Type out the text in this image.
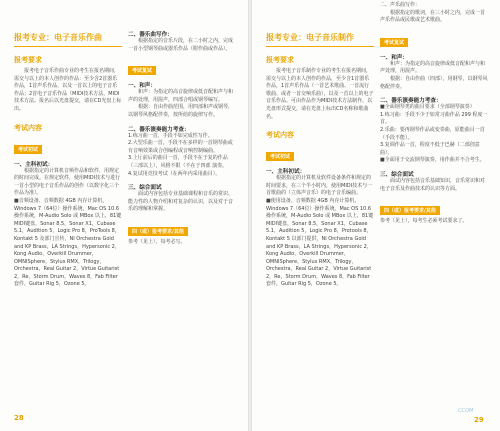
报考专业：电子音乐作曲

报考要求

报考电子音乐作曲专业的考生在报名期间，需交与以上的本人创作的作品：至少含2首器乐作品，1首声乐作品，以及一首以上的电子音乐作品；2首电子音乐作品（MIDI技术方法，MIDI技术方法。报名后以光盘提交，请在CD光盘上标出。

考试内容

考试初试

一、主科初试：

根据指定的计算机音频作品和软件，用规定的时间完成。在规定软件，使用MIDI技术与进行一首小型的电子音乐作品的创作（以数字化三个作品为准）。

■音频设备、音频数据 4GB 内存计算机，Windows 7（64位）操作系统，Mac OS 10.6 操作系统，M-Audio Solo 或 MBox 以上，81键 MIDI键盘，Sonar 8.5，Sonar X1，Cubase 5.1，Audition 5，Logic Pro 8，ProTools 8，Kontakt 5 及部门宣传，NI Orchestra Gold and KP Brass，LA Strings，Hypersonic 2，Kong Audio，Overkill Drummer，OMNISphere，Stylus RMX，Trilogy，Orchestra，Real Guitar 2，Virtue Guitarist 2，Re，Storm Drum，Waves 8，Fab Filter 套件，Guitar Rig 5，Ozone 5。

二、器乐曲写作：

根据指定的音乐片段，在二小时之内，完成一首小型钢琴曲或器乐作品（附作曲或作品）。

考试复试

一、和声：

和声：为指定的高音旋律或低音配和声与和声的处理，用混声，四部合唱或钢琴编写。

根据：自由作曲范围，用四部和声或钢琴，以钢琴风格配伴奏，按所给的旋律写作。

二、器乐演奏能力考查：

1.练习曲一首，手段不如完成性写作。

2.大型乐曲一首，手段不在多样的一首钢琴曲或有音响效果或合创编程或音响控制编曲。

3.上厅前后的曲目一首，手段不在于复的作品（三部以上），风格不限（不在于四部 演奏。

4.复试用竞技考试（在两年内采用曲目）。

三、综合面试

面试内容包括专业基础课程和音乐的常识、能力性的人物介绍和对复杂的认识，以及对于音乐的理解和掌握。

四（或）报考要求/其他

参考（见上），每考必写。

28

报考专业：电子音乐制作

报考要求

报考电子音乐制作专业的考生在报名期间，需交与以上的本人创作的作品，至少含1首器乐作品，1首声乐作品（一首艺术歌曲、一首流行歌曲、或者一首交响乐曲），以及一首以上的电子音乐作品。可由作品作为MIDI技术方法制作、以光盘形式提交，请在光盘上标出CD名称和歌曲名。

考试内容

考试初试

一、主科初试：

根据指定的计算机及软件设备条件和规定的时间要求，在三个半小时内，使用MIDI技术与一首歌曲的（立体声音乐）的电子音乐编曲。

■使用设备、音频数据 4GB 内存计算机，Windows 7（64位）操作系统，Mac OS 10.6 操作系统，M-Audio Solo 或 MBox 以上，81键 MIDI键盘，Sonar 8.5，Sonar X1，Cubase 5.1，Audition 5，Logic Pro 8，Protools 8，Kontakt 5 以部门提供，NI Orchestra Gold and KP Brass，LA Strings，Hypersonic 2，Kong Audio，Overkill Drummer，OMNISphere，Stylus RMX，Trilogy，Orchestra，Real Guitar 2，Virtue Guitarist 2，Re，Storm Drum，Waves 8，Fab Filter 套件，Guitar Rig 5，Ozone 5。

二、声乐曲写作：

根据指定的歌词，在三小时之内，完成一首声乐作品或民歌或艺术歌曲。

考试复试

一、和声：

和声：为指定的高音旋律或低音配和声与和声处理，用混声。

根据：自由作曲（四部），用钢琴，以钢琴风格配伴奏。

二、器乐演奏能力考查：

■全面钢琴类的曲目要求（全部钢琴演奏）

1.练习曲：手段不少于如常习曲作品 299 程度一首。

2.乐曲：要再钢琴作品或变奏曲，原能曲目一首（手段不能）。

3.复调作品一首，程度不低于巴赫（二部创意曲）。

■全面用于交流钢琴演奏，用作曲并不合考生。

三、综合面试

面试内容包括音乐基础知识，音乐常识和对电子音乐及作曲技术的认识等方面。

四（或）报考要求/其他

参考（见上），每考生必须考试要求了。

CCOM
29
